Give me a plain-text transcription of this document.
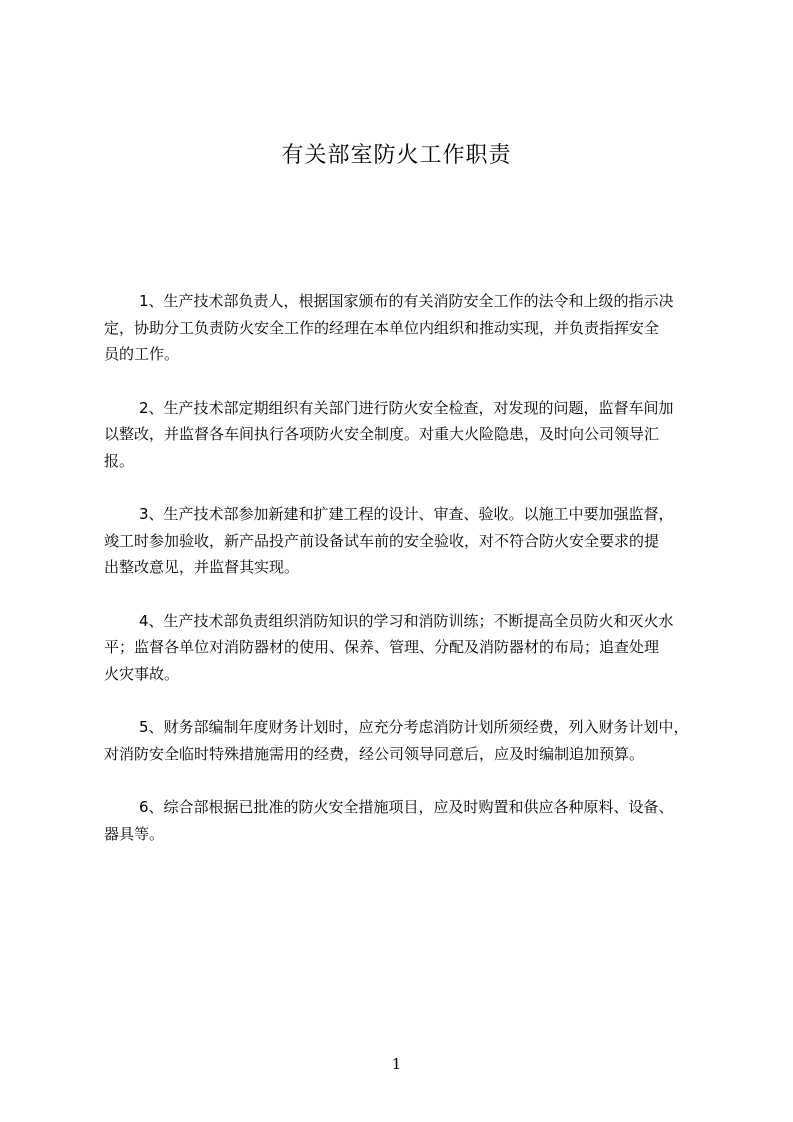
有关部室防火工作职责

1、生产技术部负责人，根据国家颁布的有关消防安全工作的法令和上级的指示决
定，协助分工负责防火安全工作的经理在本单位内组织和推动实现，并负责指挥安全
员的工作。

2、生产技术部定期组织有关部门进行防火安全检查，对发现的问题，监督车间加
以整改，并监督各车间执行各项防火安全制度。对重大火险隐患，及时向公司领导汇
报。

3、生产技术部参加新建和扩建工程的设计、审查、验收。以施工中要加强监督，
竣工时参加验收，新产品投产前设备试车前的安全验收，对不符合防火安全要求的提
出整改意见，并监督其实现。

4、生产技术部负责组织消防知识的学习和消防训练；不断提高全员防火和灭火水
平；监督各单位对消防器材的使用、保养、管理、分配及消防器材的布局；追查处理
火灾事故。

5、财务部编制年度财务计划时，应充分考虑消防计划所须经费，列入财务计划中，
对消防安全临时特殊措施需用的经费，经公司领导同意后，应及时编制追加预算。

6、综合部根据已批准的防火安全措施项目，应及时购置和供应各种原料、设备、
器具等。

1
